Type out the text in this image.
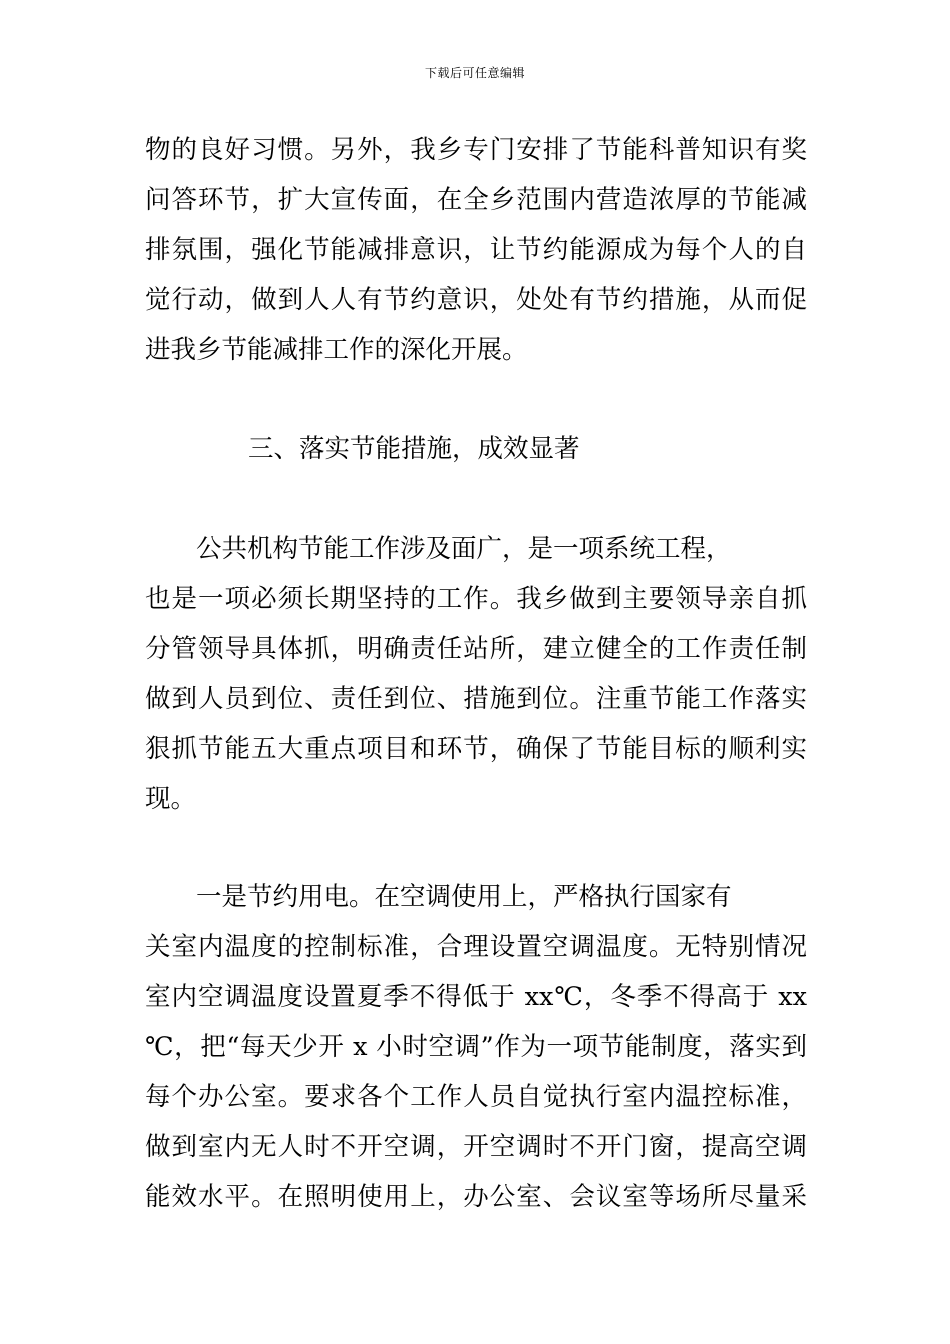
下载后可任意编辑
物的良好习惯。另外，我乡专门安排了节能科普知识有奖
问答环节，扩大宣传面，在全乡范围内营造浓厚的节能减
排氛围，强化节能减排意识，让节约能源成为每个人的自
觉行动，做到人人有节约意识，处处有节约措施，从而促
进我乡节能减排工作的深化开展。
三、落实节能措施，成效显著
　　公共机构节能工作涉及面广，是一项系统工程，
也是一项必须长期坚持的工作。我乡做到主要领导亲自抓
分管领导具体抓，明确责任站所，建立健全的工作责任制
做到人员到位、责任到位、措施到位。注重节能工作落实
狠抓节能五大重点项目和环节，确保了节能目标的顺利实
现。
　　一是节约用电。在空调使用上，严格执行国家有
关室内温度的控制标准，合理设置空调温度。无特别情况
室内空调温度设置夏季不得低于 xx℃，冬季不得高于 xx
℃，把“每天少开 x 小时空调”作为一项节能制度，落实到
每个办公室。要求各个工作人员自觉执行室内温控标准，
做到室内无人时不开空调，开空调时不开门窗，提高空调
能效水平。在照明使用上，办公室、会议室等场所尽量采
